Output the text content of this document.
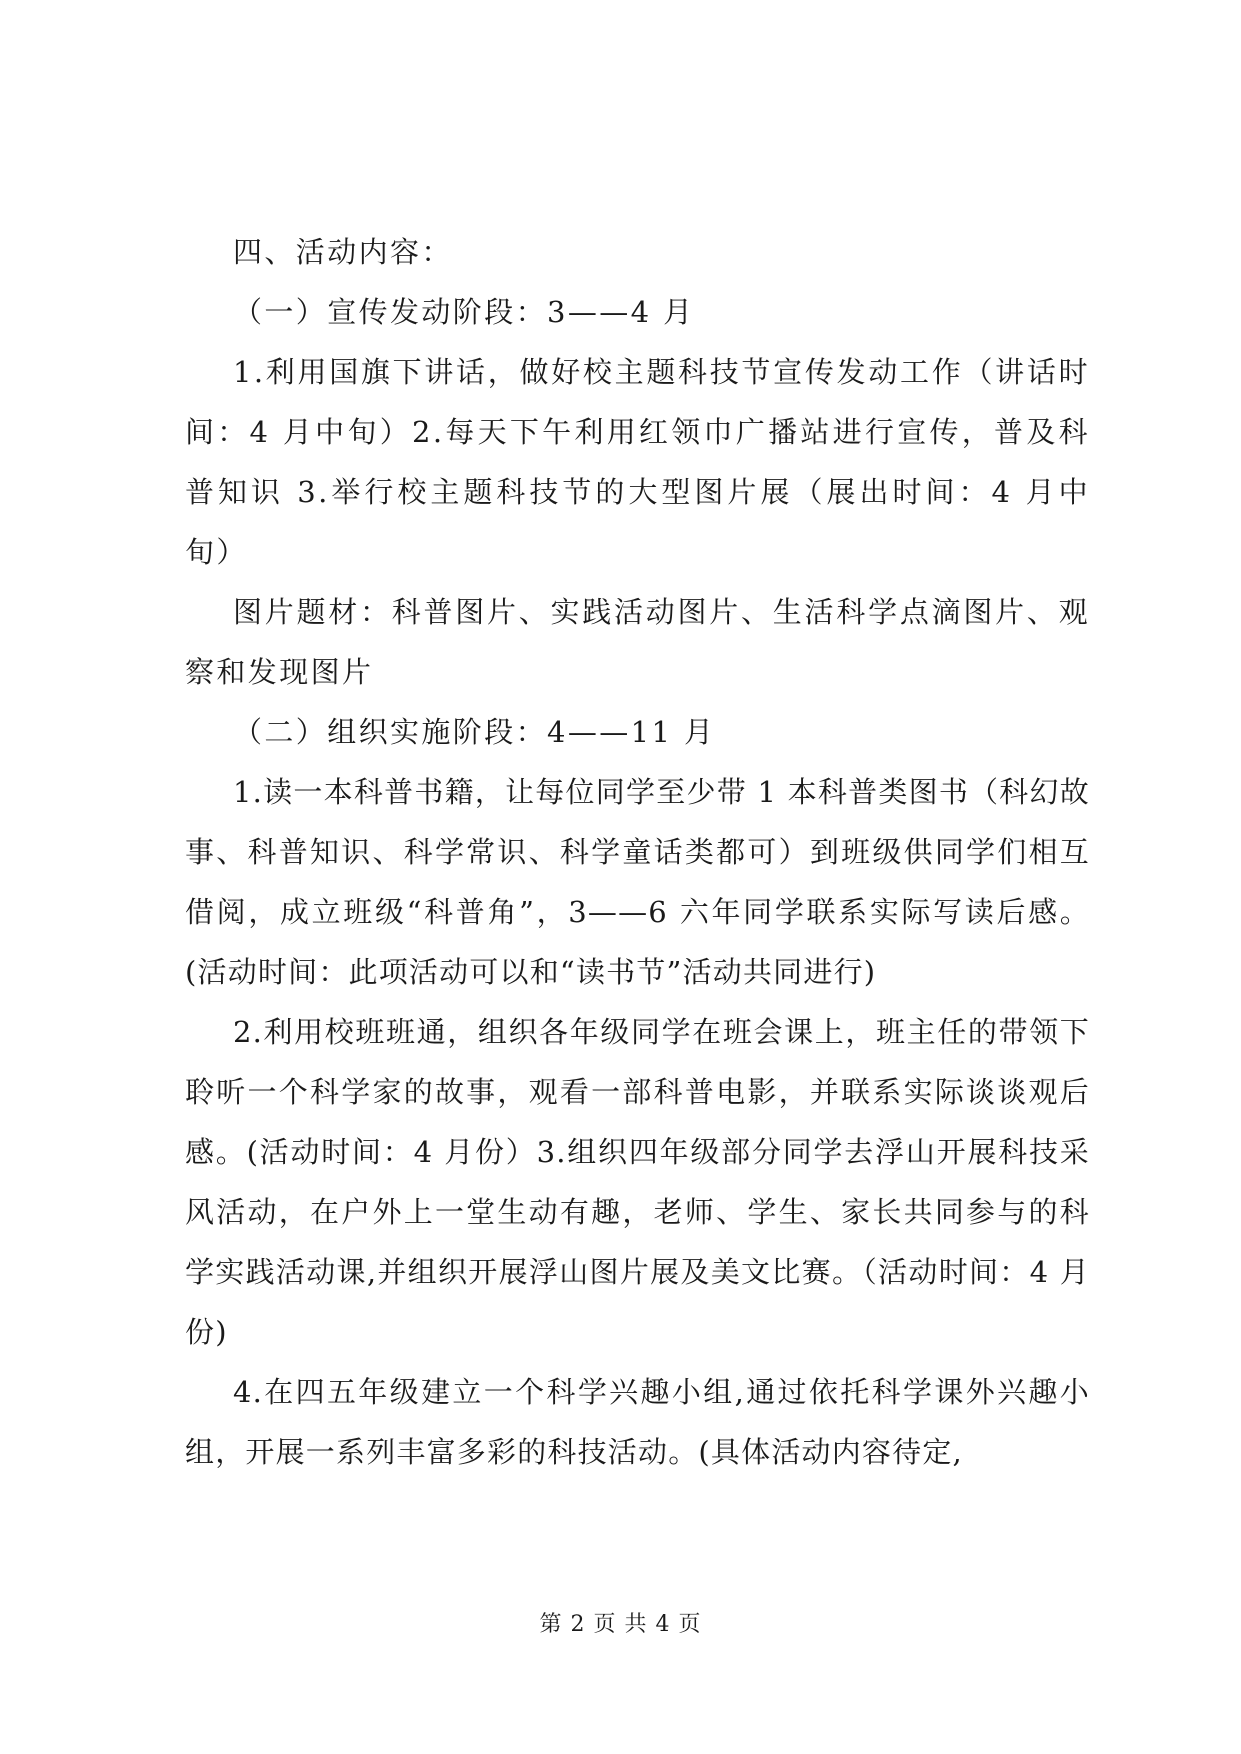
四、活动内容：

（一）宣传发动阶段：3——4 月

1.利用国旗下讲话，做好校主题科技节宣传发动工作（讲话时间：4 月中旬）2.每天下午利用红领巾广播站进行宣传，普及科普知识 3.举行校主题科技节的大型图片展（展出时间：4 月中旬）

图片题材：科普图片、实践活动图片、生活科学点滴图片、观察和发现图片

（二）组织实施阶段：4——11 月

1.读一本科普书籍，让每位同学至少带 1 本科普类图书（科幻故事、科普知识、科学常识、科学童话类都可）到班级供同学们相互借阅，成立班级“科普角”，3——6 六年同学联系实际写读后感。(活动时间：此项活动可以和“读书节”活动共同进行)

2.利用校班班通，组织各年级同学在班会课上，班主任的带领下聆听一个科学家的故事，观看一部科普电影，并联系实际谈谈观后感。(活动时间：4 月份）3.组织四年级部分同学去浮山开展科技采风活动，在户外上一堂生动有趣，老师、学生、家长共同参与的科学实践活动课,并组织开展浮山图片展及美文比赛。（活动时间：4 月份)

4.在四五年级建立一个科学兴趣小组,通过依托科学课外兴趣小组，开展一系列丰富多彩的科技活动。(具体活动内容待定,

第 2 页 共 4 页
